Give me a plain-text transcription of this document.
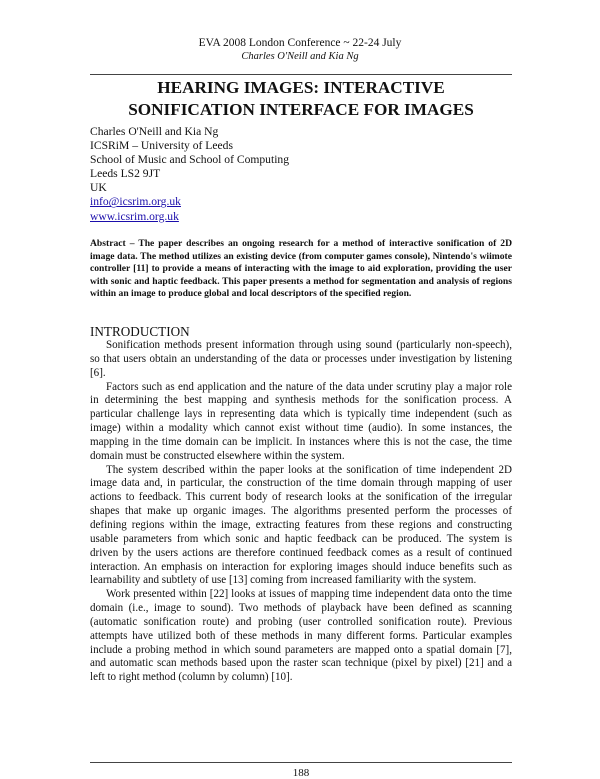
EVA 2008 London Conference ~ 22-24 July
Charles O'Neill and Kia Ng
HEARING IMAGES: INTERACTIVE
SONIFICATION INTERFACE FOR IMAGES
Charles O'Neill and Kia Ng
ICSRiM – University of Leeds
School of Music and School of Computing
Leeds LS2 9JT
UK
info@icsrim.org.uk
www.icsrim.org.uk
Abstract – The paper describes an ongoing research for a method of interactive sonification of 2D image data. The method utilizes an existing device (from computer games console), Nintendo's wiimote controller [11] to provide a means of interacting with the image to aid exploration, providing the user with sonic and haptic feedback. This paper presents a method for segmentation and analysis of regions within an image to produce global and local descriptors of the specified region.
INTRODUCTION

Sonification methods present information through using sound (particularly non-speech), so that users obtain an understanding of the data or processes under investigation by listening [6].

Factors such as end application and the nature of the data under scrutiny play a major role in determining the best mapping and synthesis methods for the sonification process. A particular challenge lays in representing data which is typically time independent (such as image) within a modality which cannot exist without time (audio). In some instances, the mapping in the time domain can be implicit. In instances where this is not the case, the time domain must be constructed elsewhere within the system.

The system described within the paper looks at the sonification of time independent 2D image data and, in particular, the construction of the time domain through mapping of user actions to feedback. This current body of research looks at the sonification of the irregular shapes that make up organic images. The algorithms presented perform the processes of defining regions within the image, extracting features from these regions and constructing usable parameters from which sonic and haptic feedback can be produced. The system is driven by the users actions are therefore continued feedback comes as a result of continued interaction. An emphasis on interaction for exploring images should induce benefits such as learnability and subtlety of use [13] coming from increased familiarity with the system.

Work presented within [22] looks at issues of mapping time independent data onto the time domain (i.e., image to sound). Two methods of playback have been defined as scanning (automatic sonification route) and probing (user controlled sonification route). Previous attempts have utilized both of these methods in many different forms. Particular examples include a probing method in which sound parameters are mapped onto a spatial domain [7], and automatic scan methods based upon the raster scan technique (pixel by pixel) [21] and a left to right method (column by column) [10].

188
